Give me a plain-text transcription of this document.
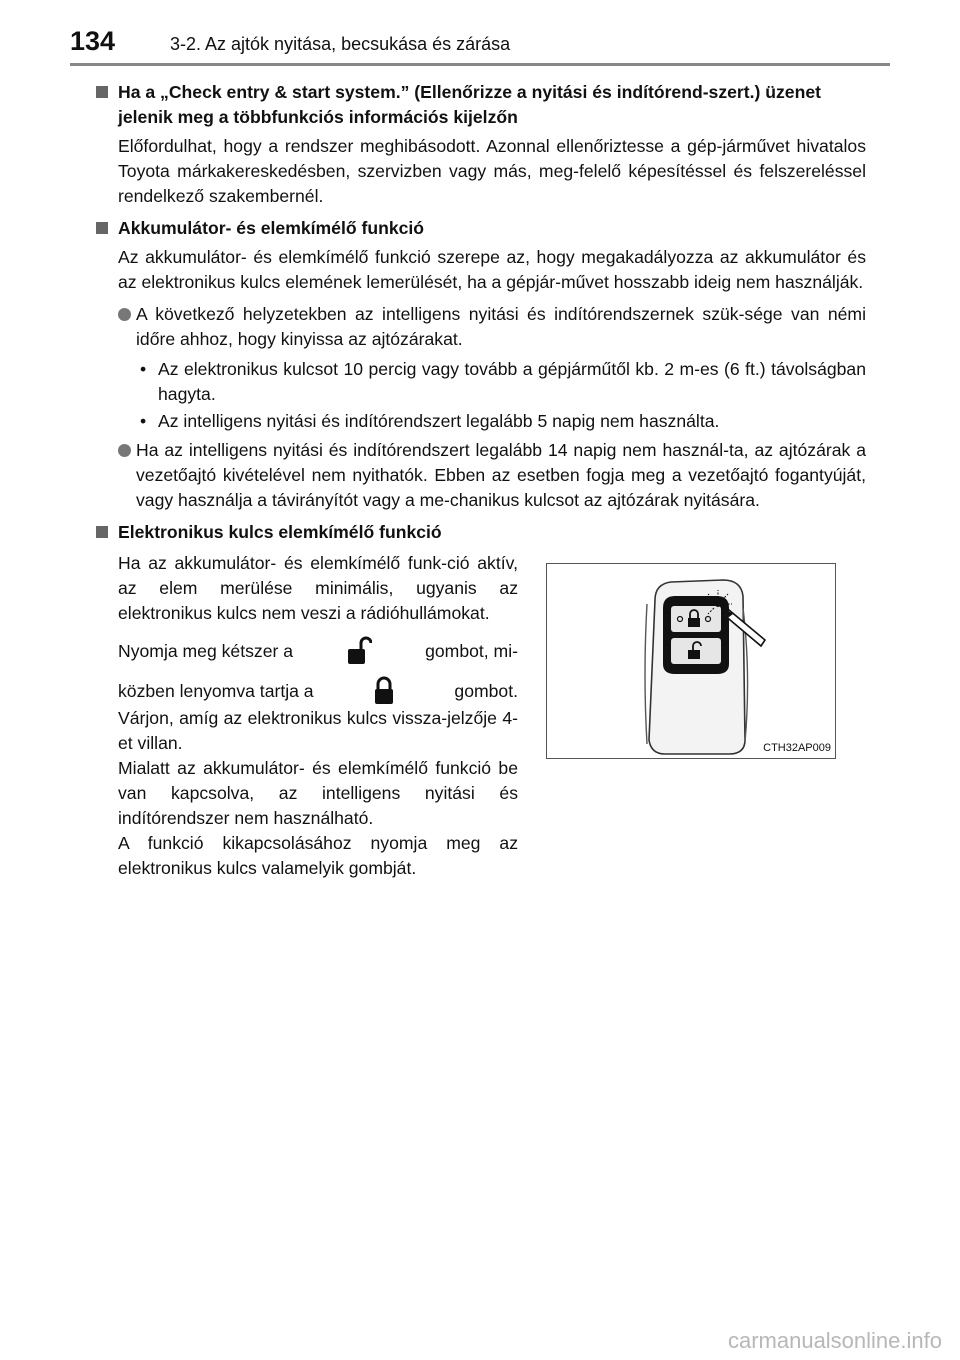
134	3-2. Az ajtók nyitása, becsukása és zárása
Ha a „Check entry & start system.” (Ellenőrizze a nyitási és indítórend-szert.) üzenet jelenik meg a többfunkciós információs kijelzőn

Előfordulhat, hogy a rendszer meghibásodott. Azonnal ellenőriztesse a gép-járművet hivatalos Toyota márkakereskedésben, szervizben vagy más, meg-felelő képesítéssel és felszereléssel rendelkező szakembernél.

Akkumulátor- és elemkímélő funkció

Az akkumulátor- és elemkímélő funkció szerepe az, hogy megakadályozza az akkumulátor és az elektronikus kulcs elemének lemerülését, ha a gépjár-művet hosszabb ideig nem használják.

A következő helyzetekben az intelligens nyitási és indítórendszernek szük-sége van némi időre ahhoz, hogy kinyissa az ajtózárakat.
• Az elektronikus kulcsot 10 percig vagy tovább a gépjárműtől kb. 2 m-es (6 ft.) távolságban hagyta.
• Az intelligens nyitási és indítórendszert legalább 5 napig nem használta.
Ha az intelligens nyitási és indítórendszert legalább 14 napig nem használ-ta, az ajtózárak a vezetőajtó kivételével nem nyithatók. Ebben az esetben fogja meg a vezetőajtó fogantyúját, vagy használja a távirányítót vagy a me-chanikus kulcsot az ajtózárak nyitására.
Elektronikus kulcs elemkímélő funkció

Ha az akkumulátor- és elemkímélő funk-ció aktív, az elem merülése minimális, ugyanis az elektronikus kulcs nem veszi a rádióhullámokat.

Nyomja meg kétszer a	gombot, mi-
közben lenyomva tartja a	gombot.

Várjon, amíg az elektronikus kulcs vissza-jelzője 4-et villan.

Mialatt az akkumulátor- és elemkímélő funkció be van kapcsolva, az intelligens nyitási és indítórendszer nem használható.

A funkció kikapcsolásához nyomja meg az elektronikus kulcs valamelyik gombját.

CTH32AP009
carmanualsonline.info
